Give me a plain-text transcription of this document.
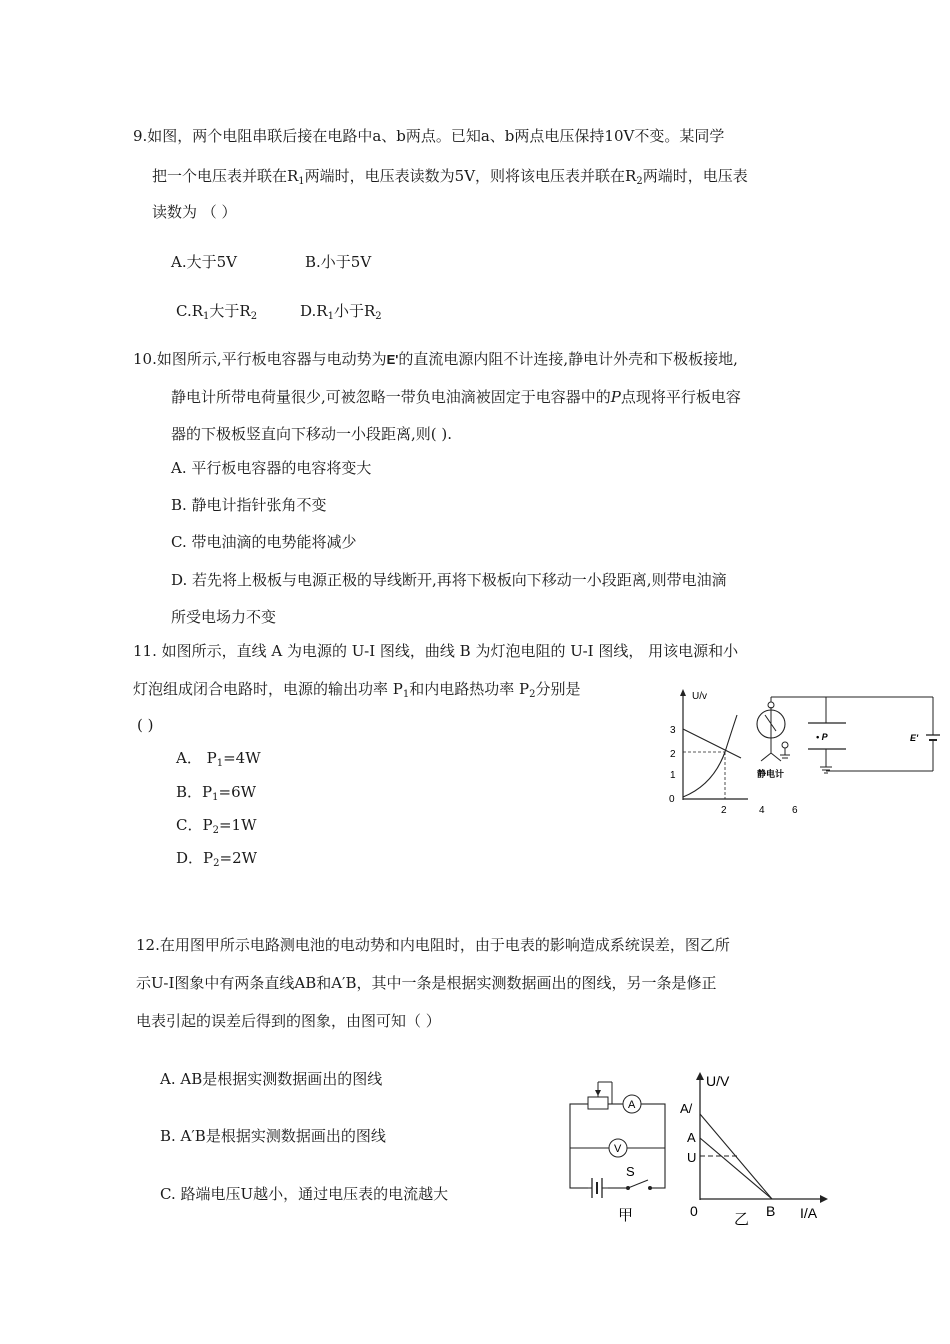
9.如图，两个电阻串联后接在电路中a、b两点。已知a、b两点电压保持10V不变。某同学
把一个电压表并联在$R_1$两端时，电压表读数为5V，则将该电压表并联在$R_2$两端时，电压表
读数为 （ ）
A.大于5V	B.小于5V
$C.R_1$大于$R_2$	$D.R_1$小于$R_2$
10.如图所示,平行板电容器与电动势为E'的直流电源内阻不计连接,静电计外壳和下极板接地,
静电计所带电荷量很少,可被忽略一带负电油滴被固定于电容器中的P点现将平行板电容
器的下极板竖直向下移动一小段距离,则( ).
A. 平行板电容器的电容将变大
B. 静电计指针张角不变
C. 带电油滴的电势能将减少
D. 若先将上极板与电源正极的导线断开,再将下极板向下移动一小段距离,则带电油滴
所受电场力不变
11. 如图所示，直线 A 为电源的 U-I 图线，曲线 B 为灯泡电阻的 U-I 图线， 用该电源和小
灯泡组成闭合电路时，电源的输出功率 $P_1$和内电路热功率 $P_2$分别是
( )
A． $P_1=4W$
B．$P_1=6W$
C．$P_2=1W$
D．$P_2=2W$
U/v
3
2
1
0
2	4	6
静电计
• P	E'
12.在用图甲所示电路测电池的电动势和内电阻时，由于电表的影响造成系统误差，图乙所
示U-I图象中有两条直线AB和A′B，其中一条是根据实测数据画出的图线，另一条是修正
电表引起的误差后得到的图象，由图可知（ ）
A. AB是根据实测数据画出的图线
B. A′B是根据实测数据画出的图线
C. 路端电压U越小，通过电压表的电流越大
A
V
S
甲
U/V
A/
A
U
0 乙 B I/A
